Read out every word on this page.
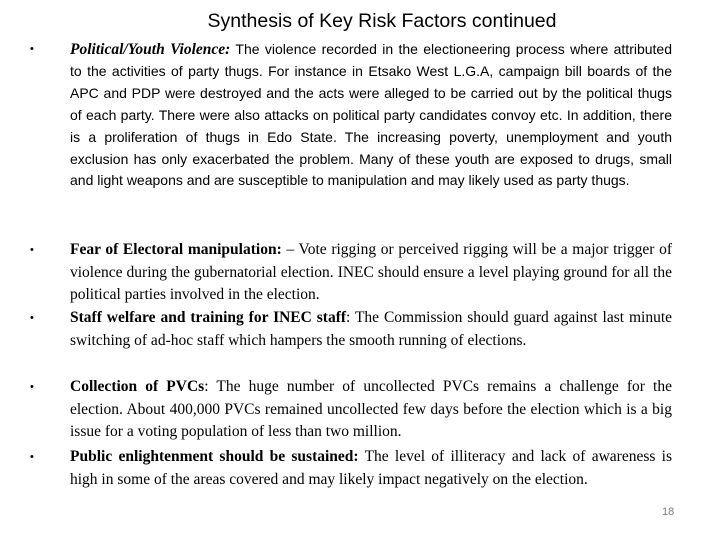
Synthesis of Key Risk Factors continued
• Political/Youth Violence: The violence recorded in the electioneering process where attributed to the activities of party thugs. For instance in Etsako West L.G.A, campaign bill boards of the APC and PDP were destroyed and the acts were alleged to be carried out by the political thugs of each party. There were also attacks on political party candidates convoy etc. In addition, there is a proliferation of thugs in Edo State. The increasing poverty, unemployment and youth exclusion has only exacerbated the problem. Many of these youth are exposed to drugs, small and light weapons and are susceptible to manipulation and may likely used as party thugs.
• Fear of Electoral manipulation: – Vote rigging or perceived rigging will be a major trigger of violence during the gubernatorial election. INEC should ensure a level playing ground for all the political parties involved in the election.
• Staff welfare and training for INEC staff: The Commission should guard against last minute switching of ad-hoc staff which hampers the smooth running of elections.
• Collection of PVCs: The huge number of uncollected PVCs remains a challenge for the election. About 400,000 PVCs remained uncollected few days before the election which is a big issue for a voting population of less than two million.
• Public enlightenment should be sustained: The level of illiteracy and lack of awareness is high in some of the areas covered and may likely impact negatively on the election.
18
